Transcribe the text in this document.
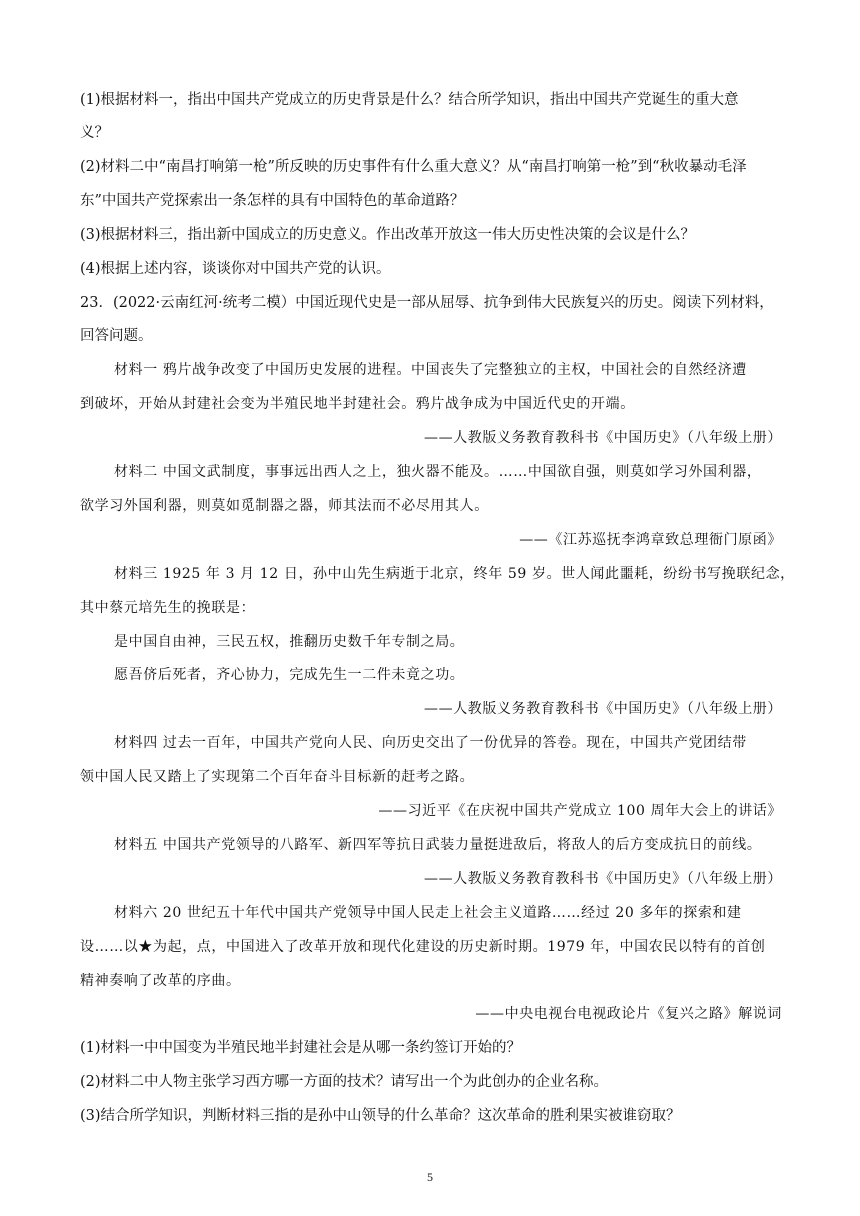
(1)根据材料一，指出中国共产党成立的历史背景是什么？结合所学知识，指出中国共产党诞生的重大意
义？
(2)材料二中“南昌打响第一枪”所反映的历史事件有什么重大意义？从“南昌打响第一枪”到“秋收暴动毛泽
东”中国共产党探索出一条怎样的具有中国特色的革命道路？
(3)根据材料三，指出新中国成立的历史意义。作出改革开放这一伟大历史性决策的会议是什么？
(4)根据上述内容，谈谈你对中国共产党的认识。
23．(2022·云南红河·统考二模）中国近现代史是一部从屈辱、抗争到伟大民族复兴的历史。阅读下列材料，
回答问题。
材料一 鸦片战争改变了中国历史发展的进程。中国丧失了完整独立的主权，中国社会的自然经济遭
到破坏，开始从封建社会变为半殖民地半封建社会。鸦片战争成为中国近代史的开端。
——人教版义务教育教科书《中国历史》（八年级上册）
材料二 中国文武制度，事事远出西人之上，独火器不能及。……中国欲自强，则莫如学习外国利器，
欲学习外国利器，则莫如觅制器之器，师其法而不必尽用其人。
——《江苏巡抚李鸿章致总理衙门原函》
材料三 1925 年 3 月 12 日，孙中山先生病逝于北京，终年 59 岁。世人闻此噩耗，纷纷书写挽联纪念，
其中蔡元培先生的挽联是：
是中国自由神，三民五权，推翻历史数千年专制之局。
愿吾侪后死者，齐心协力，完成先生一二件未竟之功。
——人教版义务教育教科书《中国历史》（八年级上册）
材料四 过去一百年，中国共产党向人民、向历史交出了一份优异的答卷。现在，中国共产党团结带
领中国人民又踏上了实现第二个百年奋斗目标新的赶考之路。
——习近平《在庆祝中国共产党成立 100 周年大会上的讲话》
材料五 中国共产党领导的八路军、新四军等抗日武装力量挺进敌后，将敌人的后方变成抗日的前线。
——人教版义务教育教科书《中国历史》（八年级上册）
材料六 20 世纪五十年代中国共产党领导中国人民走上社会主义道路……经过 20 多年的探索和建
设……以★为起，点，中国进入了改革开放和现代化建设的历史新时期。1979 年，中国农民以特有的首创
精神奏响了改革的序曲。
——中央电视台电视政论片《复兴之路》解说词
(1)材料一中中国变为半殖民地半封建社会是从哪一条约签订开始的？
(2)材料二中人物主张学习西方哪一方面的技术？请写出一个为此创办的企业名称。
(3)结合所学知识，判断材料三指的是孙中山领导的什么革命？这次革命的胜利果实被谁窃取？
5
